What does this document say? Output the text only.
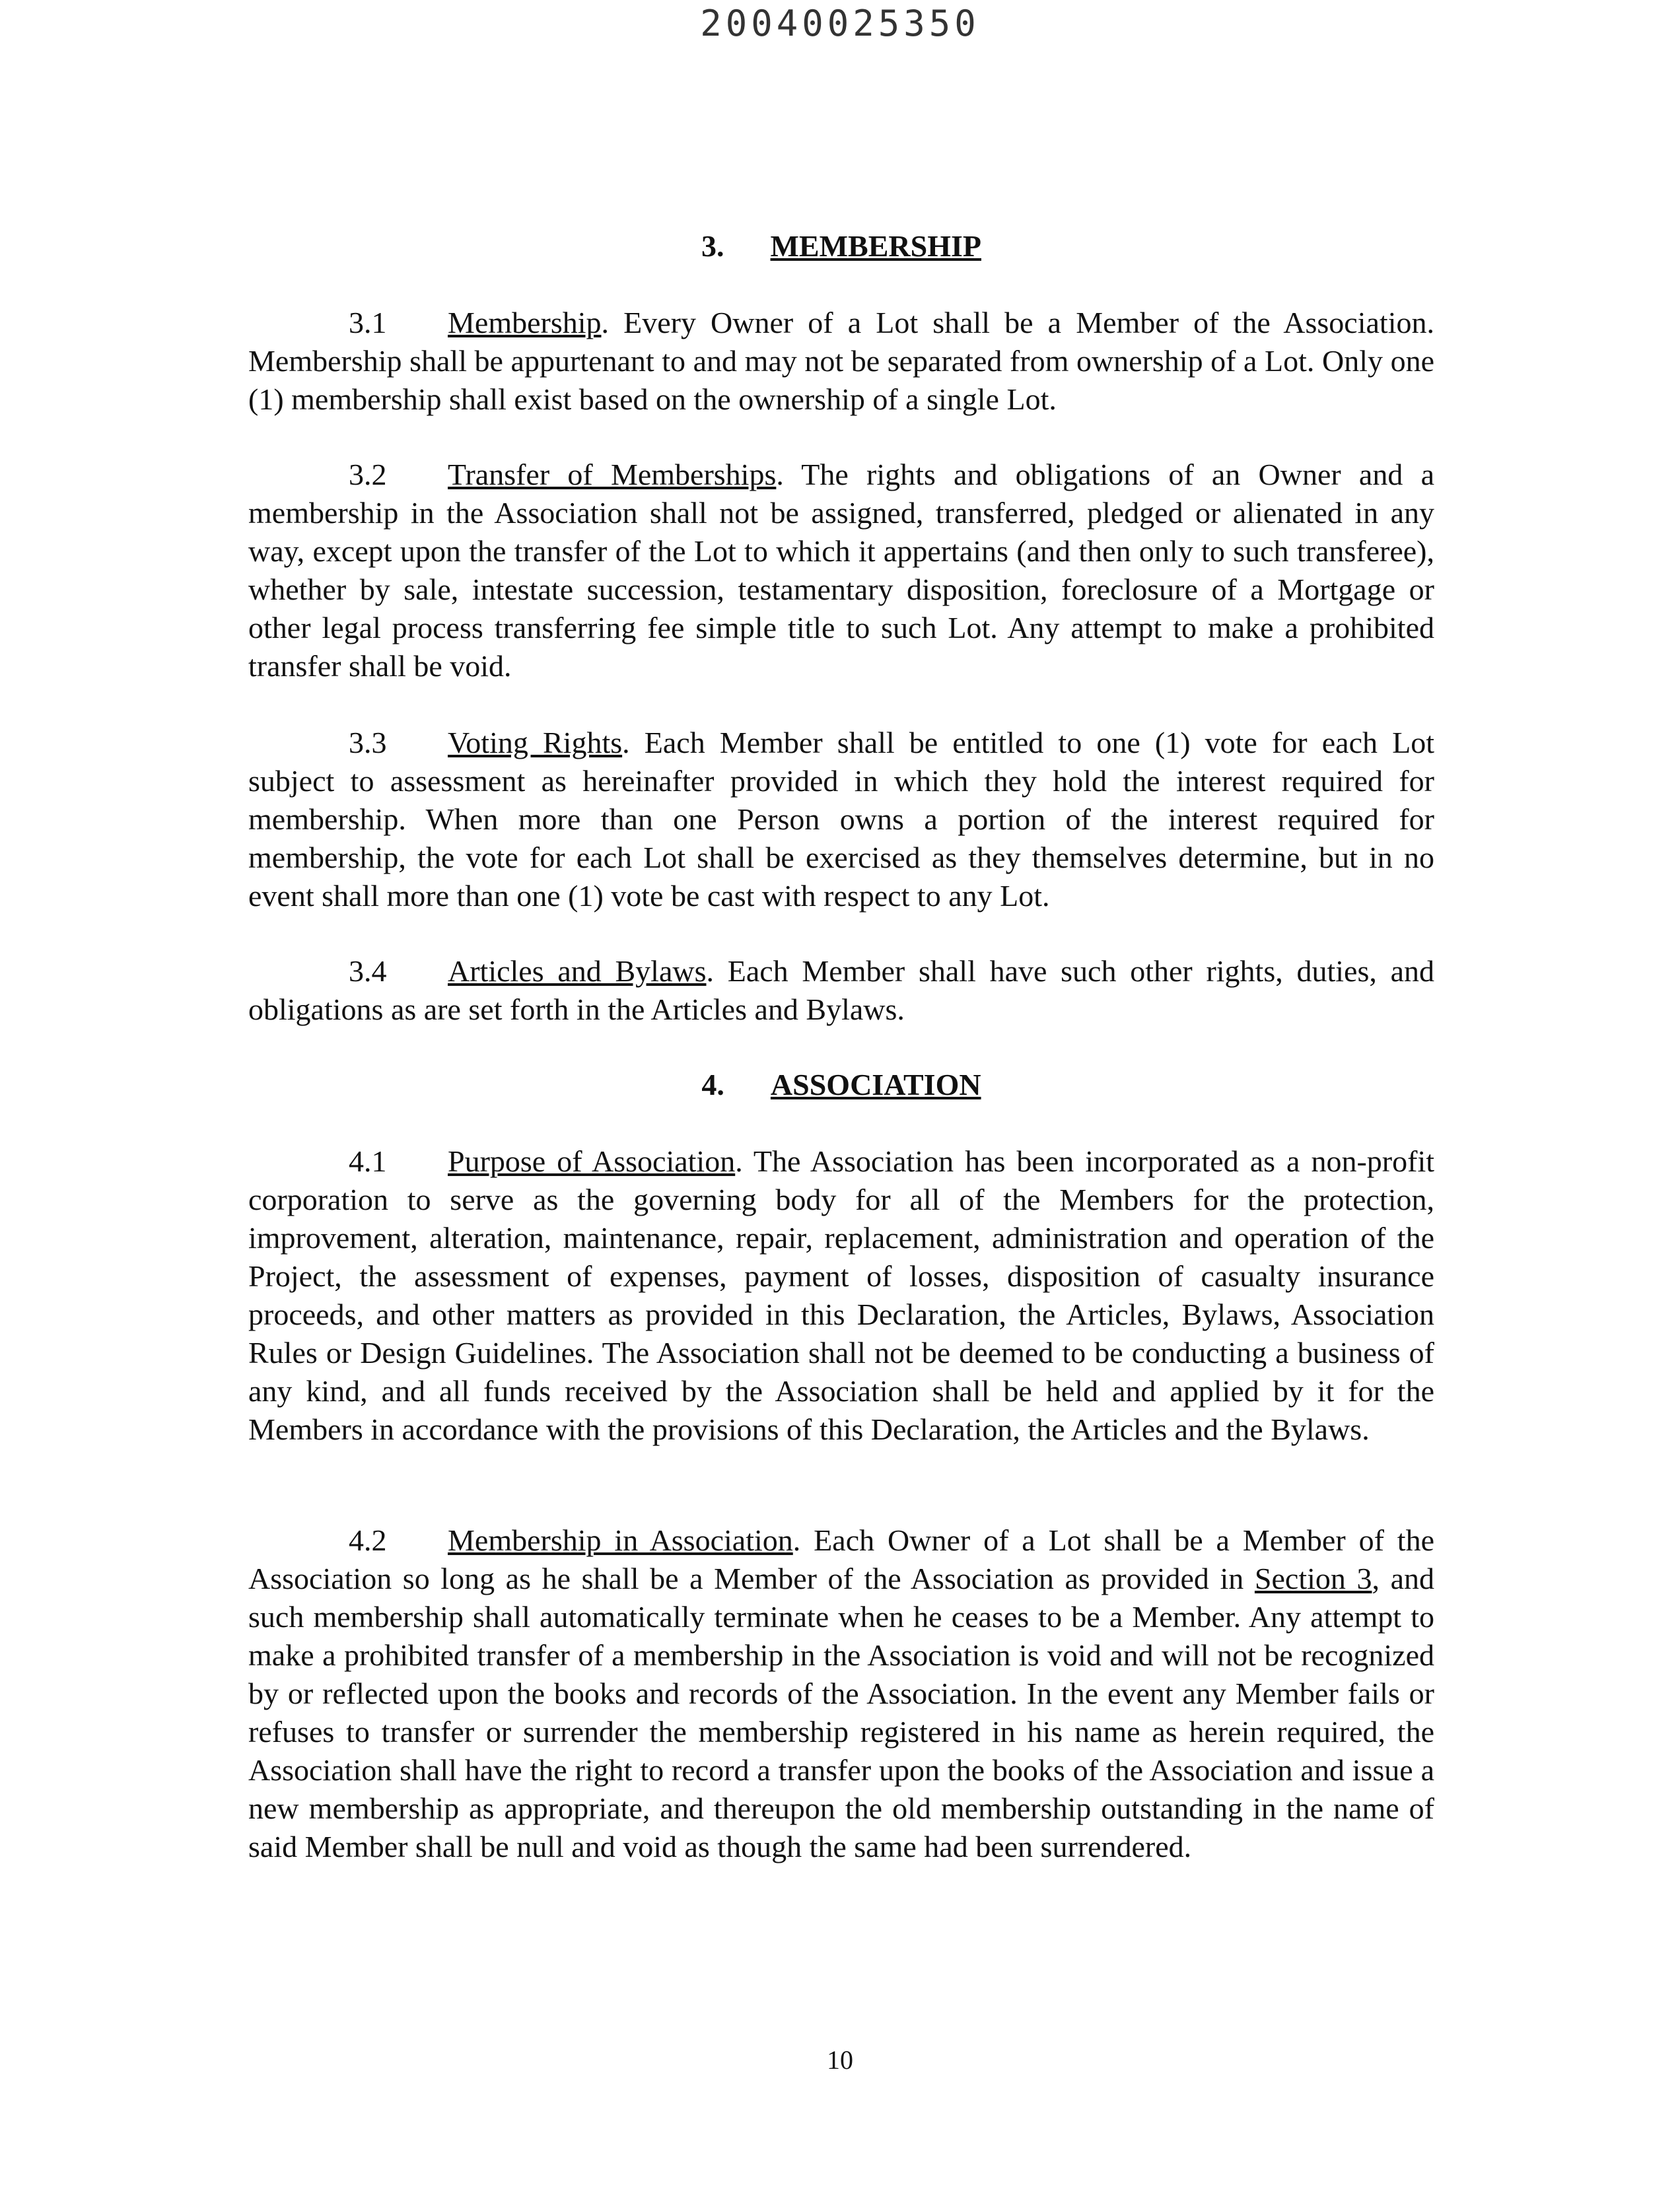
20040025350

3. MEMBERSHIP

3.1 Membership. Every Owner of a Lot shall be a Member of the Association. Membership shall be appurtenant to and may not be separated from ownership of a Lot. Only one (1) membership shall exist based on the ownership of a single Lot.

3.2 Transfer of Memberships. The rights and obligations of an Owner and a membership in the Association shall not be assigned, transferred, pledged or alienated in any way, except upon the transfer of the Lot to which it appertains (and then only to such transferee), whether by sale, intestate succession, testamentary disposition, foreclosure of a Mortgage or other legal process transferring fee simple title to such Lot. Any attempt to make a prohibited transfer shall be void.

3.3 Voting Rights. Each Member shall be entitled to one (1) vote for each Lot subject to assessment as hereinafter provided in which they hold the interest required for membership. When more than one Person owns a portion of the interest required for membership, the vote for each Lot shall be exercised as they themselves determine, but in no event shall more than one (1) vote be cast with respect to any Lot.

3.4 Articles and Bylaws. Each Member shall have such other rights, duties, and obligations as are set forth in the Articles and Bylaws.

4. ASSOCIATION

4.1 Purpose of Association. The Association has been incorporated as a non-profit corporation to serve as the governing body for all of the Members for the protection, improvement, alteration, maintenance, repair, replacement, administration and operation of the Project, the assessment of expenses, payment of losses, disposition of casualty insurance proceeds, and other matters as provided in this Declaration, the Articles, Bylaws, Association Rules or Design Guidelines. The Association shall not be deemed to be conducting a business of any kind, and all funds received by the Association shall be held and applied by it for the Members in accordance with the provisions of this Declaration, the Articles and the Bylaws.

4.2 Membership in Association. Each Owner of a Lot shall be a Member of the Association so long as he shall be a Member of the Association as provided in Section 3, and such membership shall automatically terminate when he ceases to be a Member. Any attempt to make a prohibited transfer of a membership in the Association is void and will not be recognized by or reflected upon the books and records of the Association. In the event any Member fails or refuses to transfer or surrender the membership registered in his name as herein required, the Association shall have the right to record a transfer upon the books of the Association and issue a new membership as appropriate, and thereupon the old membership outstanding in the name of said Member shall be null and void as though the same had been surrendered.

10
